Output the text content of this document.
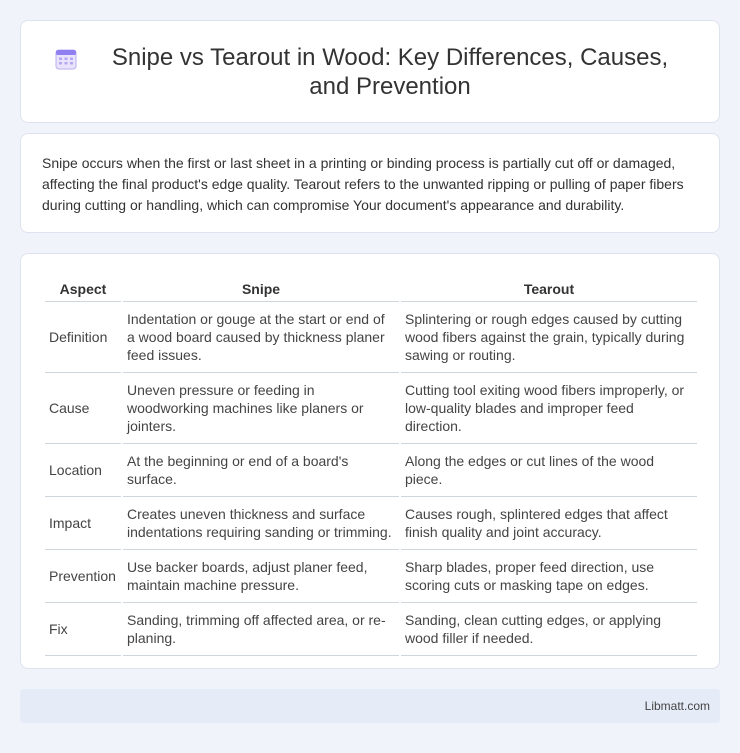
Snipe vs Tearout in Wood: Key Differences, Causes, and Prevention

Snipe occurs when the first or last sheet in a printing or binding process is partially cut off or damaged, affecting the final product's edge quality. Tearout refers to the unwanted ripping or pulling of paper fibers during cutting or handling, which can compromise Your document's appearance and durability.

Aspect	Snipe	Tearout
Definition	Indentation or gouge at the start or end of a wood board caused by thickness planer feed issues.	Splintering or rough edges caused by cutting wood fibers against the grain, typically during sawing or routing.
Cause	Uneven pressure or feeding in woodworking machines like planers or jointers.	Cutting tool exiting wood fibers improperly, or low-quality blades and improper feed direction.
Location	At the beginning or end of a board's surface.	Along the edges or cut lines of the wood piece.
Impact	Creates uneven thickness and surface indentations requiring sanding or trimming.	Causes rough, splintered edges that affect finish quality and joint accuracy.
Prevention	Use backer boards, adjust planer feed, maintain machine pressure.	Sharp blades, proper feed direction, use scoring cuts or masking tape on edges.
Fix	Sanding, trimming off affected area, or re-planing.	Sanding, clean cutting edges, or applying wood filler if needed.
Libmatt.com
